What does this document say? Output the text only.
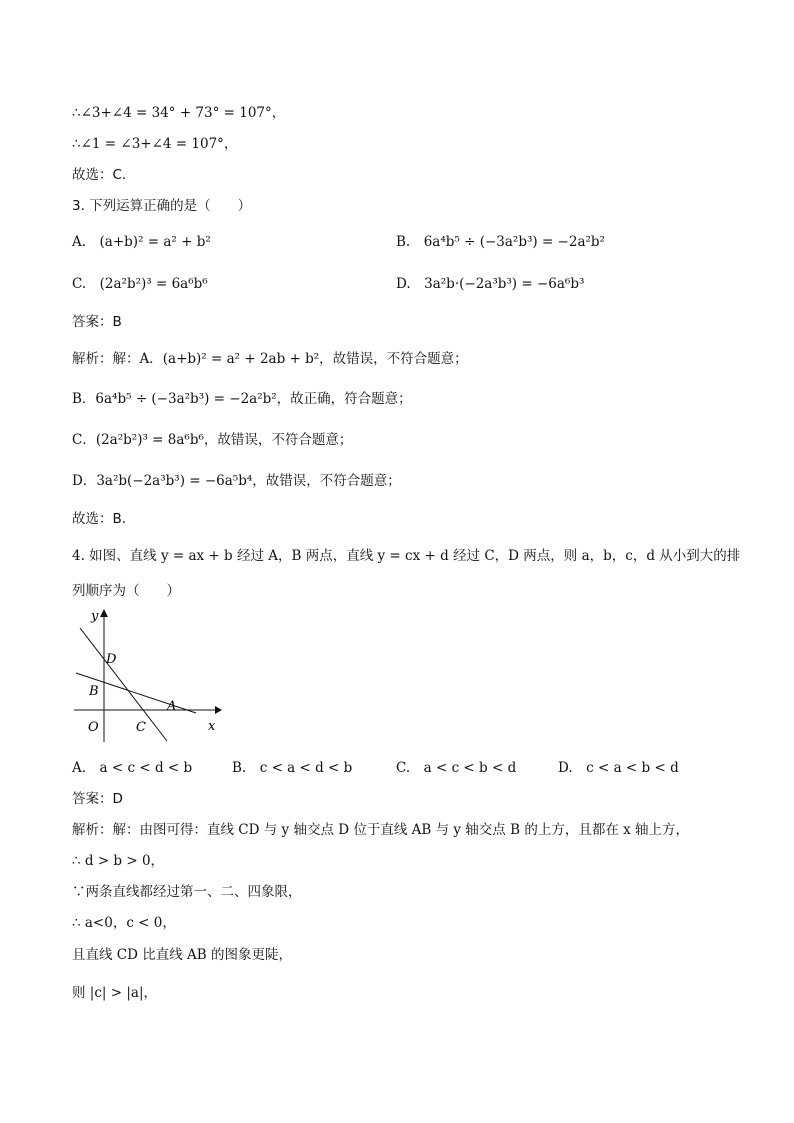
∴∠3+∠4 = 34° + 73° = 107°，
∴∠1 = ∠3+∠4 = 107°，
故选：C．
3. 下列运算正确的是（　　）
A.　(a+b)² = a² + b²	B.　6a⁴b⁵ ÷ (−3a²b³) = −2a²b²
C.　(2a²b²)³ = 6a⁶b⁶	D.　3a²b·(−2a³b³) = −6a⁶b³
答案：B
解析：解：A．(a+b)² = a² + 2ab + b²，故错误，不符合题意；
B．6a⁴b⁵ ÷ (−3a²b³) = −2a²b²，故正确，符合题意；
C．(2a²b²)³ = 8a⁶b⁶，故错误，不符合题意；
D．3a²b(−2a³b³) = −6a⁵b⁴，故错误，不符合题意；
故选：B．
4. 如图、直线 y = ax + b 经过 A，B 两点，直线 y = cx + d 经过 C，D 两点，则 a，b，c，d 从小到大的排
列顺序为（　　）
y
x
O
D
B
A
C
A.　a < c < d < b	B.　c < a < d < b	C.　a < c < b < d	D.　c < a < b < d
答案：D
解析：解：由图可得：直线 CD 与 y 轴交点 D 位于直线 AB 与 y 轴交点 B 的上方，且都在 x 轴上方，
∴ d > b > 0，
∵两条直线都经过第一、二、四象限，
∴ a<0，c < 0，
且直线 CD 比直线 AB 的图象更陡，
则 |c| > |a|，
